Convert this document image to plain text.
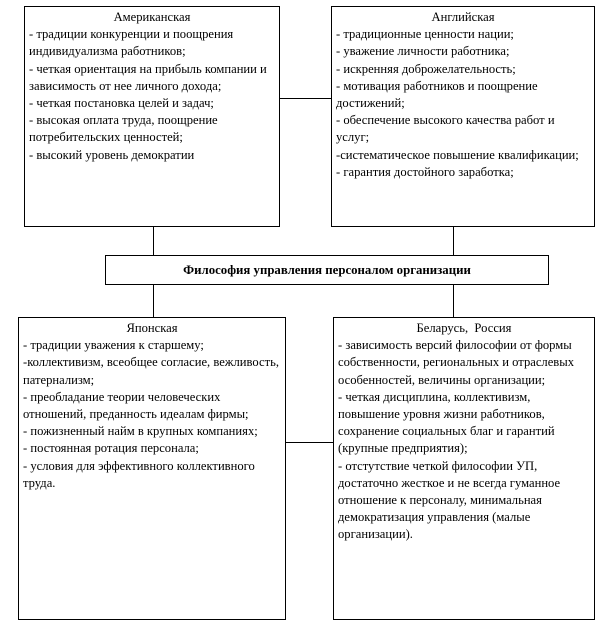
Американская
- традиции конкуренции и поощрения индивидуализма работников;
- четкая ориентация на прибыль компании и зависимость от нее личного дохода;
- четкая постановка целей и задач;
- высокая оплата труда, поощрение потребительских ценностей;
- высокий уровень демократии
Английская
- традиционные ценности нации;
- уважение личности работника;
- искренняя доброжелательность;
- мотивация работников и поощрение достижений;
- обеспечение высокого качества работ и услуг;
-систематическое повышение квалификации;
- гарантия достойного заработка;
Философия управления персоналом организации
Японская
- традиции уважения к старшему;
-коллективизм, всеобщее согласие, вежливость, патернализм;
- преобладание теории человеческих отношений, преданность идеалам фирмы;
- пожизненный найм в крупных компаниях;
- постоянная ротация персонала;
- условия для эффективного коллективного труда.
Беларусь,  Россия
- зависимость версий философии от формы собственности, региональных и отраслевых особенностей, величины организации;
- четкая дисциплина, коллективизм, повышение уровня жизни работников, сохранение социальных благ и гарантий (крупные предприятия);
- отстутствие четкой философии УП, достаточно жесткое и не всегда гуманное отношение к персоналу, минимальная демократизация управления (малые организации).
